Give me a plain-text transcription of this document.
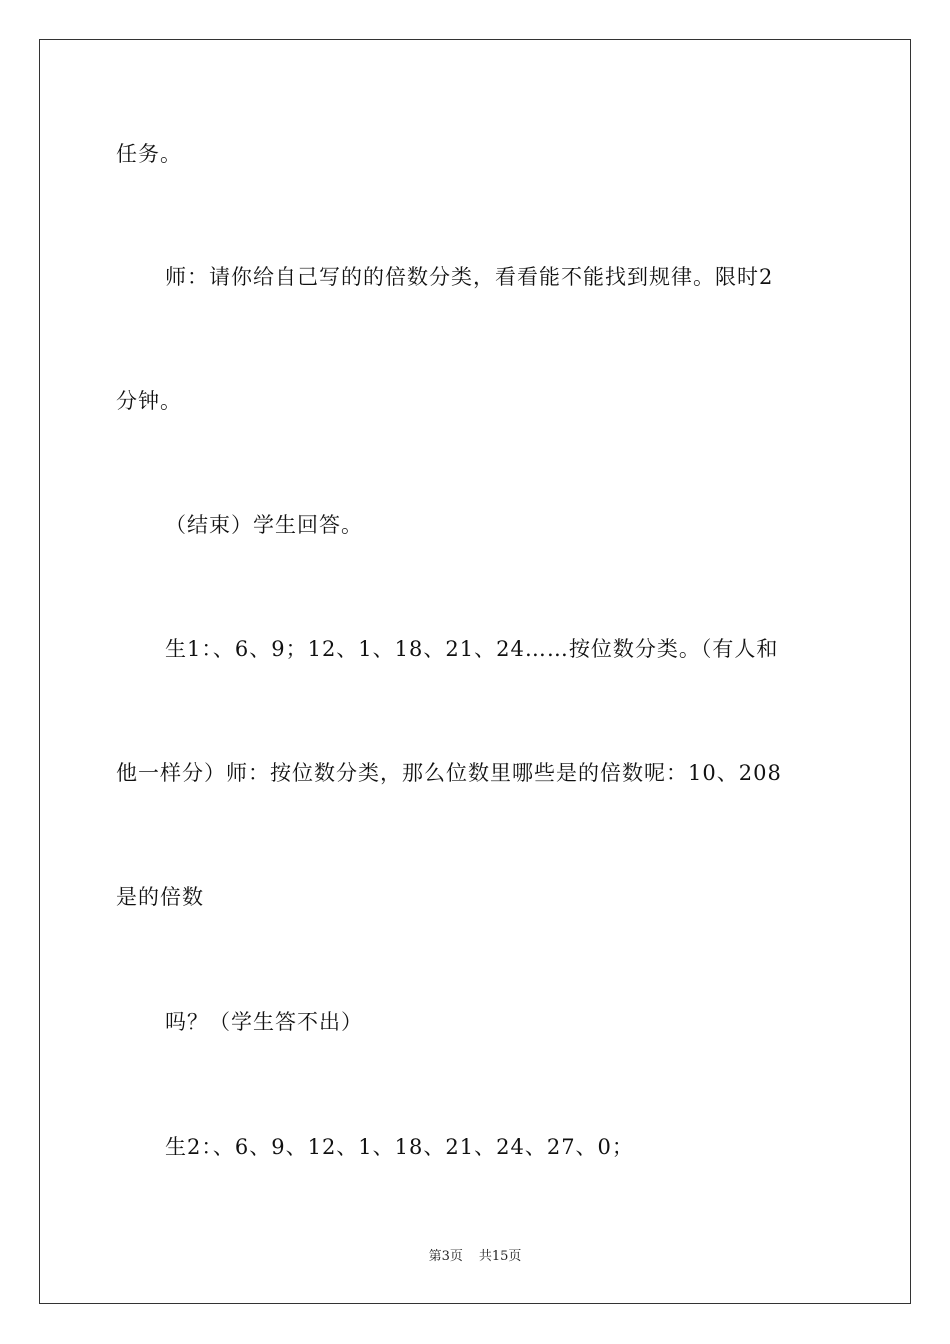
任务。
师：请你给自己写的的倍数分类，看看能不能找到规律。限时2
分钟。
（结束）学生回答。
生1：、6、9；12、1、18、21、24……按位数分类。（有人和
他一样分）师：按位数分类，那么位数里哪些是的倍数呢：10、208
是的倍数
吗？（学生答不出）
生2：、6、9、12、1、18、21、24、27、0；
第3页 共15页
